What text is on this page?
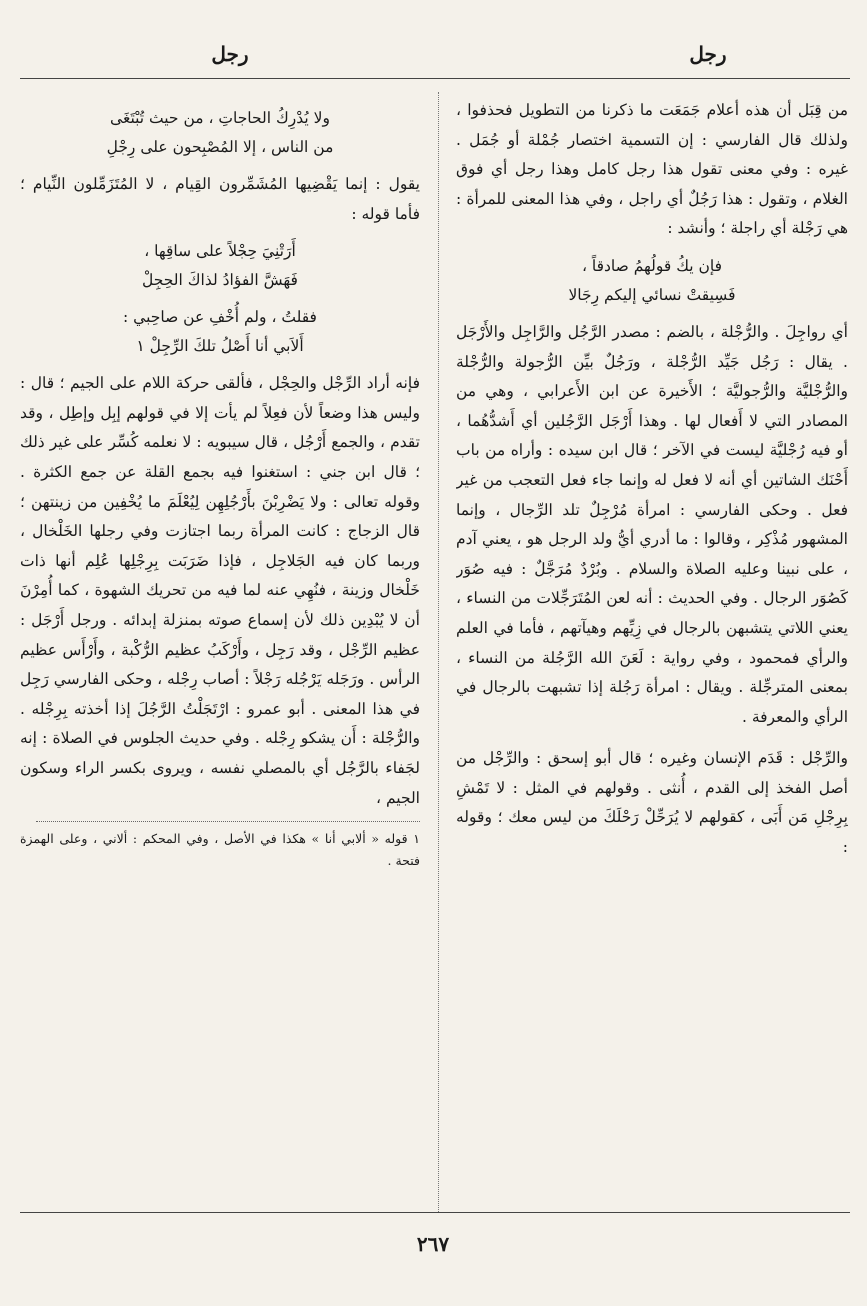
رجل
رجل

من قِبَل أن هذه أعلام جَمَعَت ما ذكرنا من التطويل فحذفوا ، ولذلك قال الفارسي : إن التسمية اختصار جُمْلة أو جُمَل . غيره : وفي معنى تقول هذا رجل كامل وهذا رجل أي فوق الغلام ، وتقول : هذا رَجُلٌ أي راجل ، وفي هذا المعنى للمرأة : هي رَجْلة أي راجلة ؛ وأنشد :

فإن يكُ قولُهمُ صادقاً ،
فَسِيقتْ نسائي إليكم رِجَالا

أي رواجِلَ . والرُّجْلة ، بالضم : مصدر الرَّجُل والرَّاجِل والأَرْجَل . يقال : رَجُل جَيِّد الرُّجْلة ، ورَجُلٌ بيِّن الرُّجولة والرُّجْلة والرُّجْليَّة والرُّجوليَّة ؛ الأَخيرة عن ابن الأَعرابي ، وهي من المصادر التي لا أَفعال لها . وهذا أَرْجَل الرَّجُلين أي أَشدُّهُما ، أو فيه رُجْليَّة ليست في الآخر ؛ قال ابن سيده : وأراه من باب أَحْنَك الشاتين أي أنه لا فعل له وإنما جاء فعل التعجب من غير فعل . وحكى الفارسي : امرأة مُرْجِلٌ تلد الرِّجال ، وإنما المشهور مُذْكِر ، وقالوا : ما أدري أيُّ ولد الرجل هو ، يعني آدم ، على نبينا وعليه الصلاة والسلام . وبُرْدٌ مُرَجَّلٌ : فيه صُوَر كَصُوَر الرجال . وفي الحديث : أنه لعن المُتَرَجِّلات من النساء ، يعني اللاتي يتشبهن بالرجال في زِيِّهم وهيآتهم ، فأما في العلم والرأي فمحمود ، وفي رواية : لَعَنَ الله الرَّجُلة من النساء ، بمعنى المترجِّلة . ويقال : امرأة رَجُلة إذا تشبهت بالرجال في الرأي والمعرفة .

والرِّجْل : قَدَم الإنسان وغيره ؛ قال أبو إسحق : والرِّجْل من أصل الفخذ إلى القدم ، أُنثى . وقولهم في المثل : لا تَمْشِ بِرِجْلِ مَن أَبَى ، كقولهم لا يُرَحِّلْ رَحْلَكَ من ليس معك ؛ وقوله :

ولا يُدْرِكُ الحاجاتِ ، من حيث تُبْتَغَى
من الناس ، إلا المُصْبِحون على رِجْلِ

يقول : إنما يَقْضِيها المُشَمِّرون القِيام ، لا المُتَزَمِّلون النِّيام ؛ فأما قوله :

أَرَتْنِيَ حِجْلاً على ساقِها ،
فَهَشَّ الفؤادُ لذاكَ الحِجِلْ
فقلتُ ، ولم أُخْفِ عن صاحِبي :
أَلاَبي أنا أَصْلُ تلكَ الرِّجِلْ ١

فإنه أراد الرِّجْل والحِجْل ، فألقى حركة اللام على الجيم ؛ قال : وليس هذا وضعاً لأن فعِلاً لم يأت إلا في قولهم إبِل وإطِل ، وقد تقدم ، والجمع أَرْجُل ، قال سيبويه : لا نعلمه كُسِّر على غير ذلك ؛ قال ابن جني : استغنوا فيه بجمع القلة عن جمع الكثرة . وقوله تعالى : ولا يَضْرِبْنَ بأَرْجُلِهِن لِيُعْلَمَ ما يُخْفِين من زينتهن ؛ قال الزجاج : كانت المرأة ربما اجتازت وفي رجلها الخَلْخال ، وربما كان فيه الجَلاجِل ، فإذا ضَرَبَت بِرِجْلِها عُلِم أنها ذات خَلْخال وزينة ، فنُهِي عنه لما فيه من تحريك الشهوة ، كما أُمِرْنَ أن لا يُبْدِين ذلك لأن إسماع صوته بمنزلة إبدائه . ورجل أَرْجَل : عظيم الرِّجْل ، وقد رَجِل ، وأَرْكَبُ عظيم الرُّكْبة ، وأَرْأَس عظيم الرأس . ورَجَله يَرْجُله رَجْلاً : أصاب رِجْله ، وحكى الفارسي رَجِل في هذا المعنى . أبو عمرو : ارْتَجَلْتُ الرَّجُلَ إذا أخذته بِرِجْله . والرُّجْلة : أَن يشكو رِجْله . وفي حديث الجلوس في الصلاة : إنه لجَفاء بالرَّجُل أي بالمصلي نفسه ، ويروى بكسر الراء وسكون الجيم ،

١ قوله « ألابي أنا » هكذا في الأصل ، وفي المحكم : ألاني ، وعلى الهمزة فتحة .

٢٦٧
